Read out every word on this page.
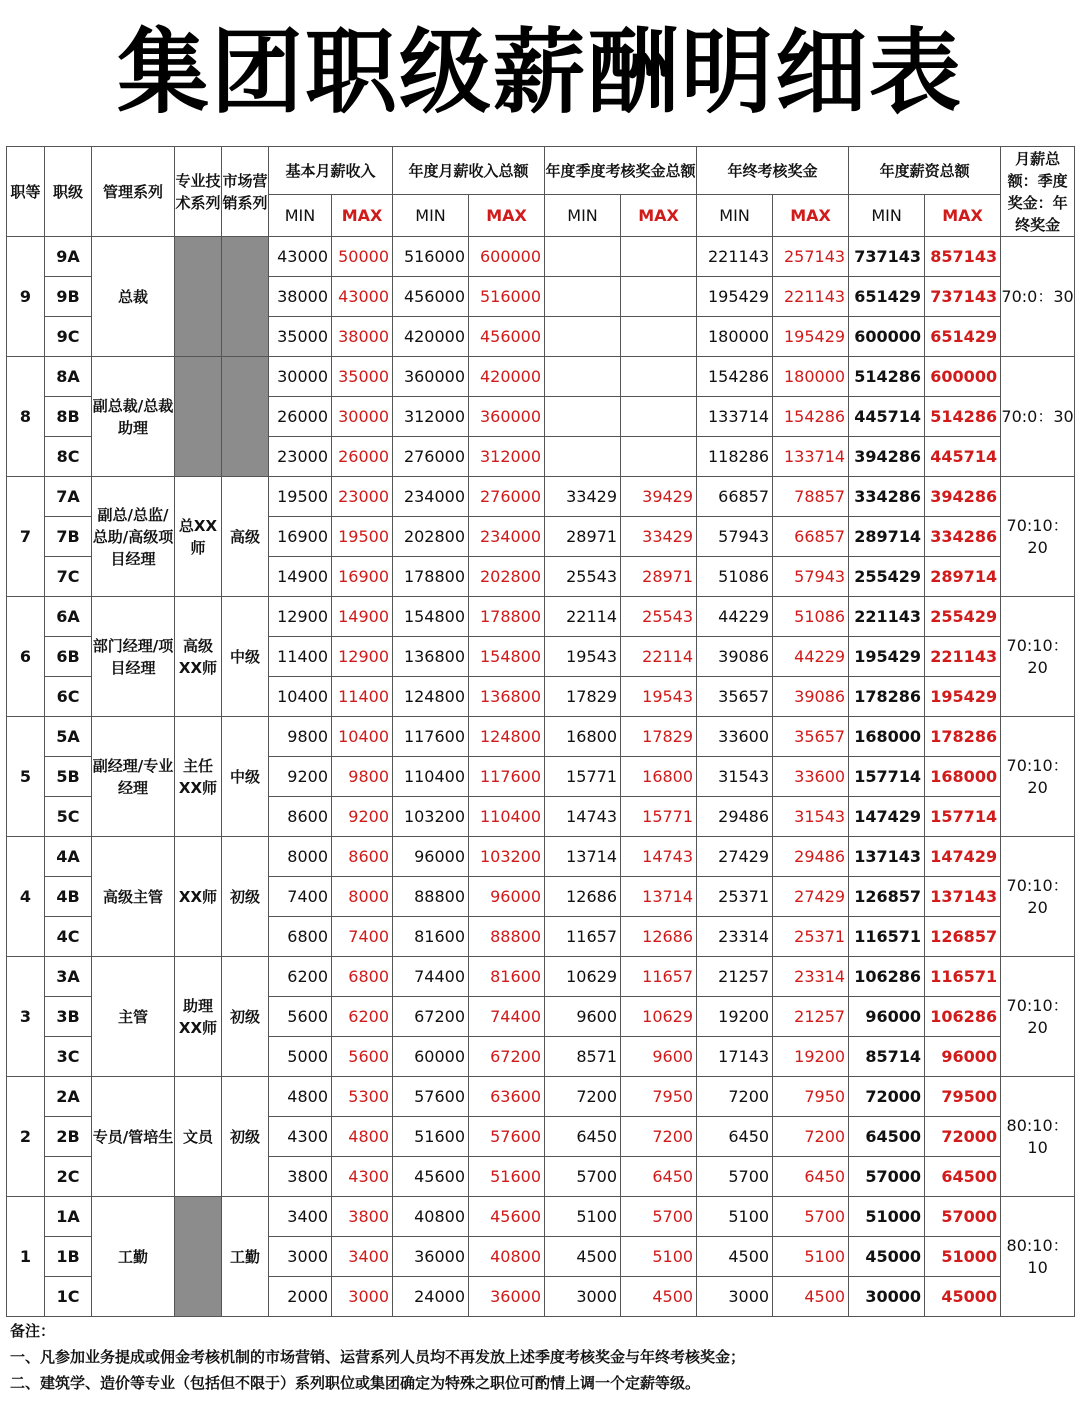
集团职级薪酬明细表
职等	职级	管理系列	专业技术系列	市场营销系列	基本月薪收入		年度月薪收入总额		年度季度考核奖金总额		年终考核奖金		年度薪资总额		月薪总额：季度奖金：年终奖金
					MIN	MAX	MIN	MAX	MIN	MAX	MIN	MAX	MIN	MAX	
9	9A	总裁			43000	50000	516000	600000			221143	257143	737143	857143	70:0：30
	9B				38000	43000	456000	516000			195429	221143	651429	737143	
	9C				35000	38000	420000	456000			180000	195429	600000	651429	
8	8A	副总裁/总裁助理			30000	35000	360000	420000			154286	180000	514286	600000	70:0：30
	8B				26000	30000	312000	360000			133714	154286	445714	514286	
	8C				23000	26000	276000	312000			118286	133714	394286	445714	
7	7A	副总/总监/总助/高级项目经理	总XX师	高级	19500	23000	234000	276000	33429	39429	66857	78857	334286	394286	70:10：20
	7B				16900	19500	202800	234000	28971	33429	57943	66857	289714	334286	
	7C				14900	16900	178800	202800	25543	28971	51086	57943	255429	289714	
6	6A	部门经理/项目经理	高级XX师	中级	12900	14900	154800	178800	22114	25543	44229	51086	221143	255429	70:10：20
	6B				11400	12900	136800	154800	19543	22114	39086	44229	195429	221143	
	6C				10400	11400	124800	136800	17829	19543	35657	39086	178286	195429	
5	5A	副经理/专业经理	主任XX师	中级	9800	10400	117600	124800	16800	17829	33600	35657	168000	178286	70:10：20
	5B				9200	9800	110400	117600	15771	16800	31543	33600	157714	168000	
	5C				8600	9200	103200	110400	14743	15771	29486	31543	147429	157714	
4	4A	高级主管	XX师	初级	8000	8600	96000	103200	13714	14743	27429	29486	137143	147429	70:10：20
	4B				7400	8000	88800	96000	12686	13714	25371	27429	126857	137143	
	4C				6800	7400	81600	88800	11657	12686	23314	25371	116571	126857	
3	3A	主管	助理XX师	初级	6200	6800	74400	81600	10629	11657	21257	23314	106286	116571	70:10：20
	3B				5600	6200	67200	74400	9600	10629	19200	21257	96000	106286	
	3C				5000	5600	60000	67200	8571	9600	17143	19200	85714	96000	
2	2A	专员/管培生	文员	初级	4800	5300	57600	63600	7200	7950	7200	7950	72000	79500	80:10：10
	2B				4300	4800	51600	57600	6450	7200	6450	7200	64500	72000	
	2C				3800	4300	45600	51600	5700	6450	5700	6450	57000	64500	
1	1A	工勤		工勤	3400	3800	40800	45600	5100	5700	5100	5700	51000	57000	80:10：10
	1B				3000	3400	36000	40800	4500	5100	4500	5100	45000	51000	
	1C				2000	3000	24000	36000	3000	4500	3000	4500	30000	45000	
备注：
一、凡参加业务提成或佣金考核机制的市场营销、运营系列人员均不再发放上述季度考核奖金与年终考核奖金；
二、建筑学、造价等专业（包括但不限于）系列职位或集团确定为特殊之职位可酌情上调一个定薪等级。
